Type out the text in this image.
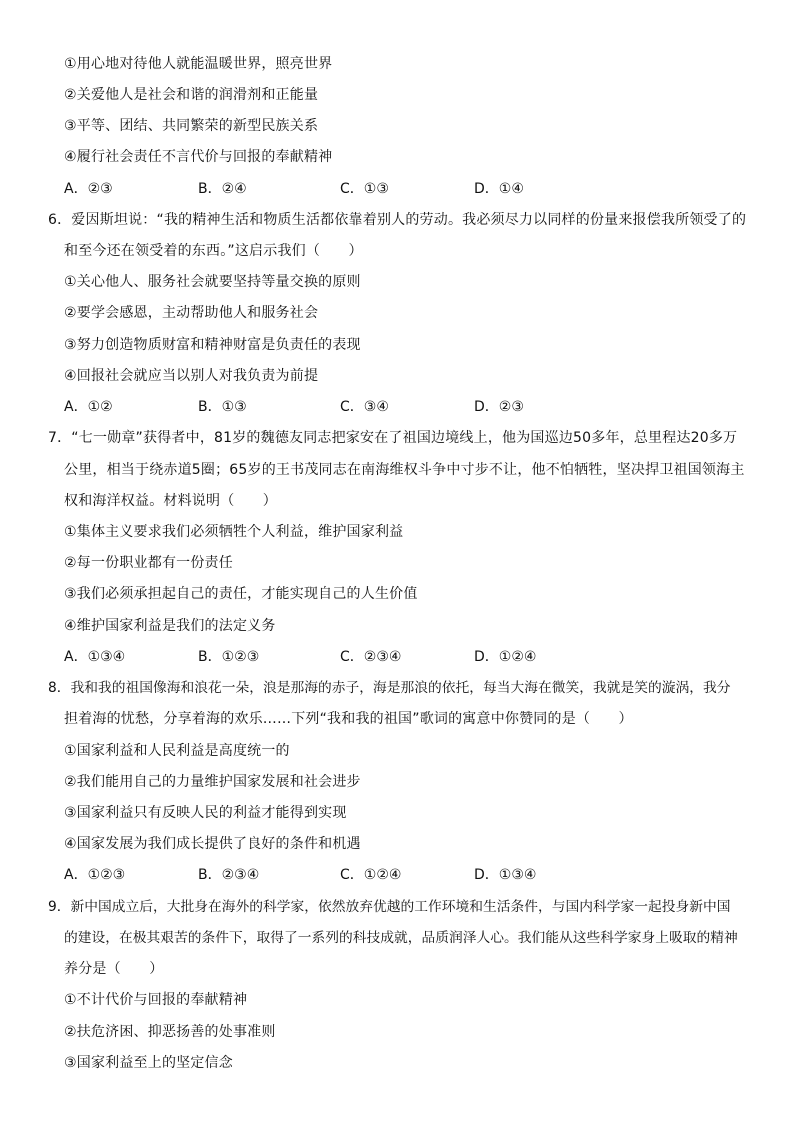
①用心地对待他人就能温暖世界，照亮世界
②关爱他人是社会和谐的润滑剂和正能量
③平等、团结、共同繁荣的新型民族关系
④履行社会责任不言代价与回报的奉献精神
A．②③	B．②④	C．①③	D．①④
6．爱因斯坦说：“我的精神生活和物质生活都依靠着别人的劳动。我必须尽力以同样的份量来报偿我所领受了的
和至今还在领受着的东西。”这启示我们（　　）
①关心他人、服务社会就要坚持等量交换的原则
②要学会感恩，主动帮助他人和服务社会
③努力创造物质财富和精神财富是负责任的表现
④回报社会就应当以别人对我负责为前提
A．①②	B．①③	C．③④	D．②③
7．“七一勋章”获得者中，81岁的魏德友同志把家安在了祖国边境线上，他为国巡边50多年，总里程达20多万
公里，相当于绕赤道5圈；65岁的王书茂同志在南海维权斗争中寸步不让，他不怕牺牲，坚决捍卫祖国领海主
权和海洋权益。材料说明（　　）
①集体主义要求我们必须牺牲个人利益，维护国家利益
②每一份职业都有一份责任
③我们必须承担起自己的责任，才能实现自己的人生价值
④维护国家利益是我们的法定义务
A．①③④	B．①②③	C．②③④	D．①②④
8．我和我的祖国像海和浪花一朵，浪是那海的赤子，海是那浪的依托，每当大海在微笑，我就是笑的漩涡，我分
担着海的忧愁，分享着海的欢乐……下列“我和我的祖国”歌词的寓意中你赞同的是（　　）
①国家利益和人民利益是高度统一的
②我们能用自己的力量维护国家发展和社会进步
③国家利益只有反映人民的利益才能得到实现
④国家发展为我们成长提供了良好的条件和机遇
A．①②③	B．②③④	C．①②④	D．①③④
9．新中国成立后，大批身在海外的科学家，依然放弃优越的工作环境和生活条件，与国内科学家一起投身新中国
的建设，在极其艰苦的条件下，取得了一系列的科技成就，品质润泽人心。我们能从这些科学家身上吸取的精神
养分是（　　）
①不计代价与回报的奉献精神
②扶危济困、抑恶扬善的处事准则
③国家利益至上的坚定信念
